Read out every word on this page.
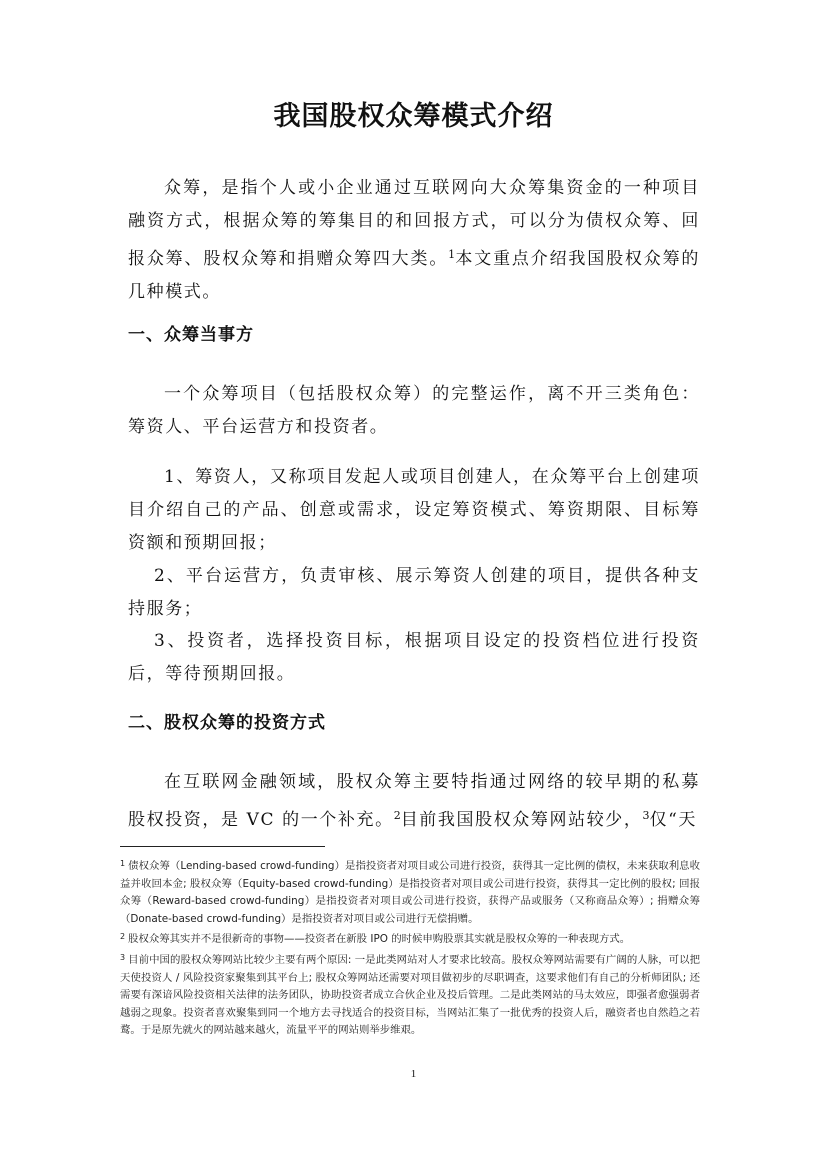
我国股权众筹模式介绍

众筹，是指个人或小企业通过互联网向大众筹集资金的一种项目融资方式，根据众筹的筹集目的和回报方式，可以分为债权众筹、回报众筹、股权众筹和捐赠众筹四大类。$^1$本文重点介绍我国股权众筹的几种模式。

一、众筹当事方

一个众筹项目（包括股权众筹）的完整运作，离不开三类角色：筹资人、平台运营方和投资者。

1、筹资人，又称项目发起人或项目创建人，在众筹平台上创建项目介绍自己的产品、创意或需求，设定筹资模式、筹资期限、目标筹资额和预期回报；

2、平台运营方，负责审核、展示筹资人创建的项目，提供各种支持服务；

3、投资者，选择投资目标，根据项目设定的投资档位进行投资后，等待预期回报。

二、股权众筹的投资方式

在互联网金融领域，股权众筹主要特指通过网络的较早期的私募股权投资，是 VC 的一个补充。$^2$目前我国股权众筹网站较少，$^3$仅“天

$^1$ 债权众筹（Lending-based crowd-funding）是指投资者对项目或公司进行投资，获得其一定比例的债权，未来获取利息收益并收回本金; 股权众筹（Equity-based crowd-funding）是指投资者对项目或公司进行投资，获得其一定比例的股权; 回报众筹（Reward-based crowd-funding）是指投资者对项目或公司进行投资，获得产品或服务（又称商品众筹）; 捐赠众筹（Donate-based crowd-funding）是指投资者对项目或公司进行无偿捐赠。

$^2$ 股权众筹其实并不是很新奇的事物——投资者在新股 IPO 的时候申购股票其实就是股权众筹的一种表现方式。

$^3$ 目前中国的股权众筹网站比较少主要有两个原因: 一是此类网站对人才要求比较高。股权众筹网站需要有广阔的人脉，可以把天使投资人 / 风险投资家聚集到其平台上; 股权众筹网站还需要对项目做初步的尽职调查，这要求他们有自己的分析师团队; 还需要有深谙风险投资相关法律的法务团队，协助投资者成立合伙企业及投后管理。二是此类网站的马太效应，即强者愈强弱者越弱之现象。投资者喜欢聚集到同一个地方去寻找适合的投资目标，当网站汇集了一批优秀的投资人后，融资者也自然趋之若鹜。于是原先就火的网站越来越火，流量平平的网站则举步维艰。

1
